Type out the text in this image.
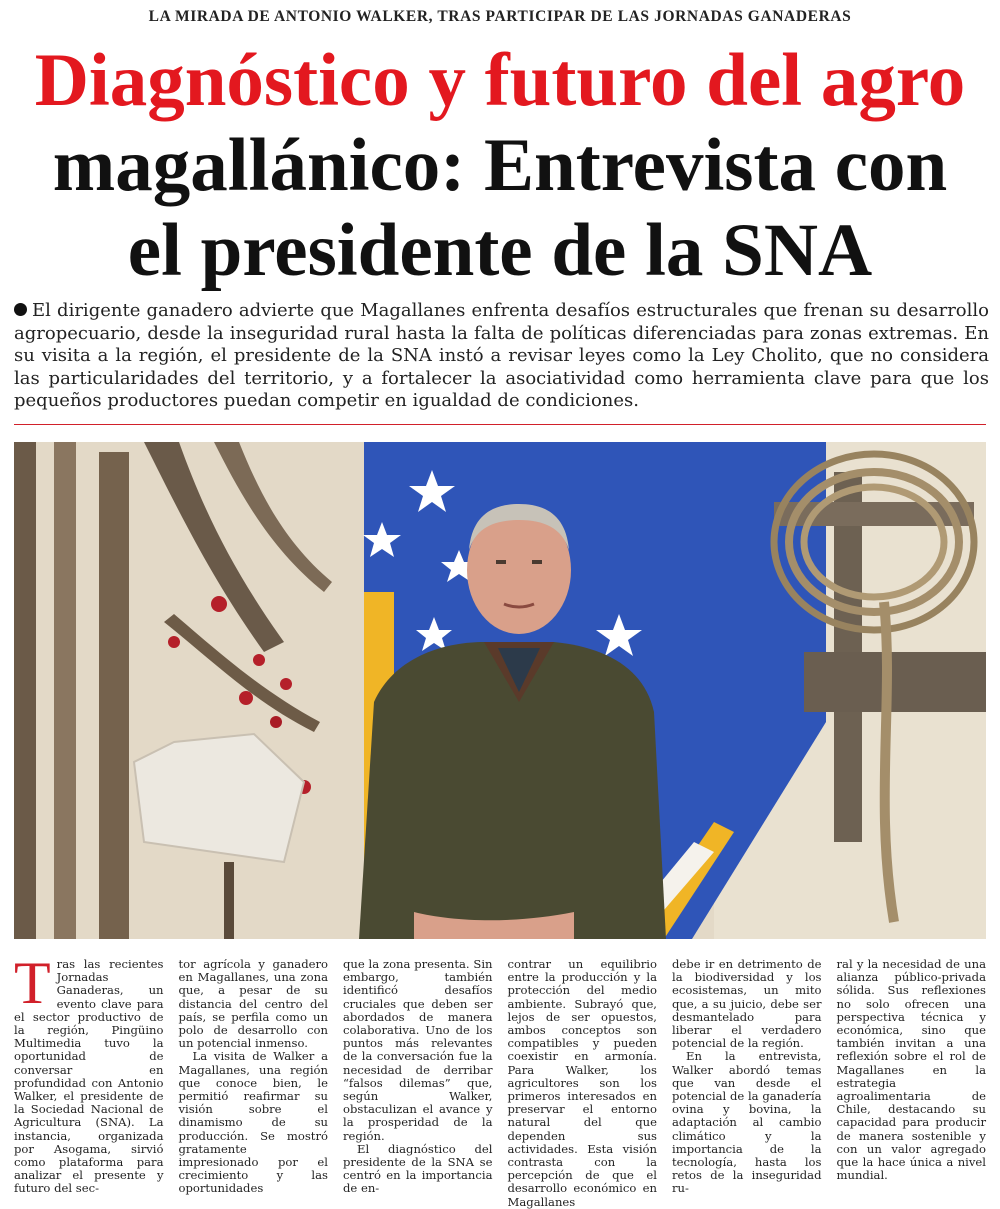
LA MIRADA DE ANTONIO WALKER, TRAS PARTICIPAR DE LAS JORNADAS GANADERAS
Diagnóstico y futuro del agro
magallánico: Entrevista con
el presidente de la SNA
El dirigente ganadero advierte que Magallanes enfrenta desafíos estructurales que frenan su desarrollo agropecuario, desde la inseguridad rural hasta la falta de políticas diferenciadas para zonas extremas. En su visita a la región, el presidente de la SNA instó a revisar leyes como la Ley Cholito, que no considera las particularidades del territorio, y a fortalecer la asociatividad como herramienta clave para que los pequeños productores puedan competir en igualdad de condiciones.

Tras las recientes Jornadas Ganaderas, un evento clave para el sector productivo de la región, Pingüino Multimedia tuvo la oportunidad de conversar en profundidad con Antonio Walker, el presidente de la Sociedad Nacional de Agricultura (SNA). La instancia, organizada por Asogama, sirvió como plataforma para analizar el presente y futuro del sec-

tor agrícola y ganadero en Magallanes, una zona que, a pesar de su distancia del centro del país, se perfila como un polo de desarrollo con un potencial inmenso.

La visita de Walker a Magallanes, una región que conoce bien, le permitió reafirmar su visión sobre el dinamismo de su producción. Se mostró gratamente impresionado por el crecimiento y las oportunidades

que la zona presenta. Sin embargo, también identificó desafíos cruciales que deben ser abordados de manera colaborativa. Uno de los puntos más relevantes de la conversación fue la necesidad de derribar “falsos dilemas” que, según Walker, obstaculizan el avance y la prosperidad de la región.

El diagnóstico del presidente de la SNA se centró en la importancia de en-

contrar un equilibrio entre la producción y la protección del medio ambiente. Subrayó que, lejos de ser opuestos, ambos conceptos son compatibles y pueden coexistir en armonía. Para Walker, los agricultores son los primeros interesados en preservar el entorno natural del que dependen sus actividades. Esta visión contrasta con la percepción de que el desarrollo económico en Magallanes

debe ir en detrimento de la biodiversidad y los ecosistemas, un mito que, a su juicio, debe ser desmantelado para liberar el verdadero potencial de la región.

En la entrevista, Walker abordó temas que van desde el potencial de la ganadería ovina y bovina, la adaptación al cambio climático y la importancia de la tecnología, hasta los retos de la inseguridad ru-

ral y la necesidad de una alianza público-privada sólida. Sus reflexiones no solo ofrecen una perspectiva técnica y económica, sino que también invitan a una reflexión sobre el rol de Magallanes en la estrategia agroalimentaria de Chile, destacando su capacidad para producir de manera sostenible y con un valor agregado que la hace única a nivel mundial.
